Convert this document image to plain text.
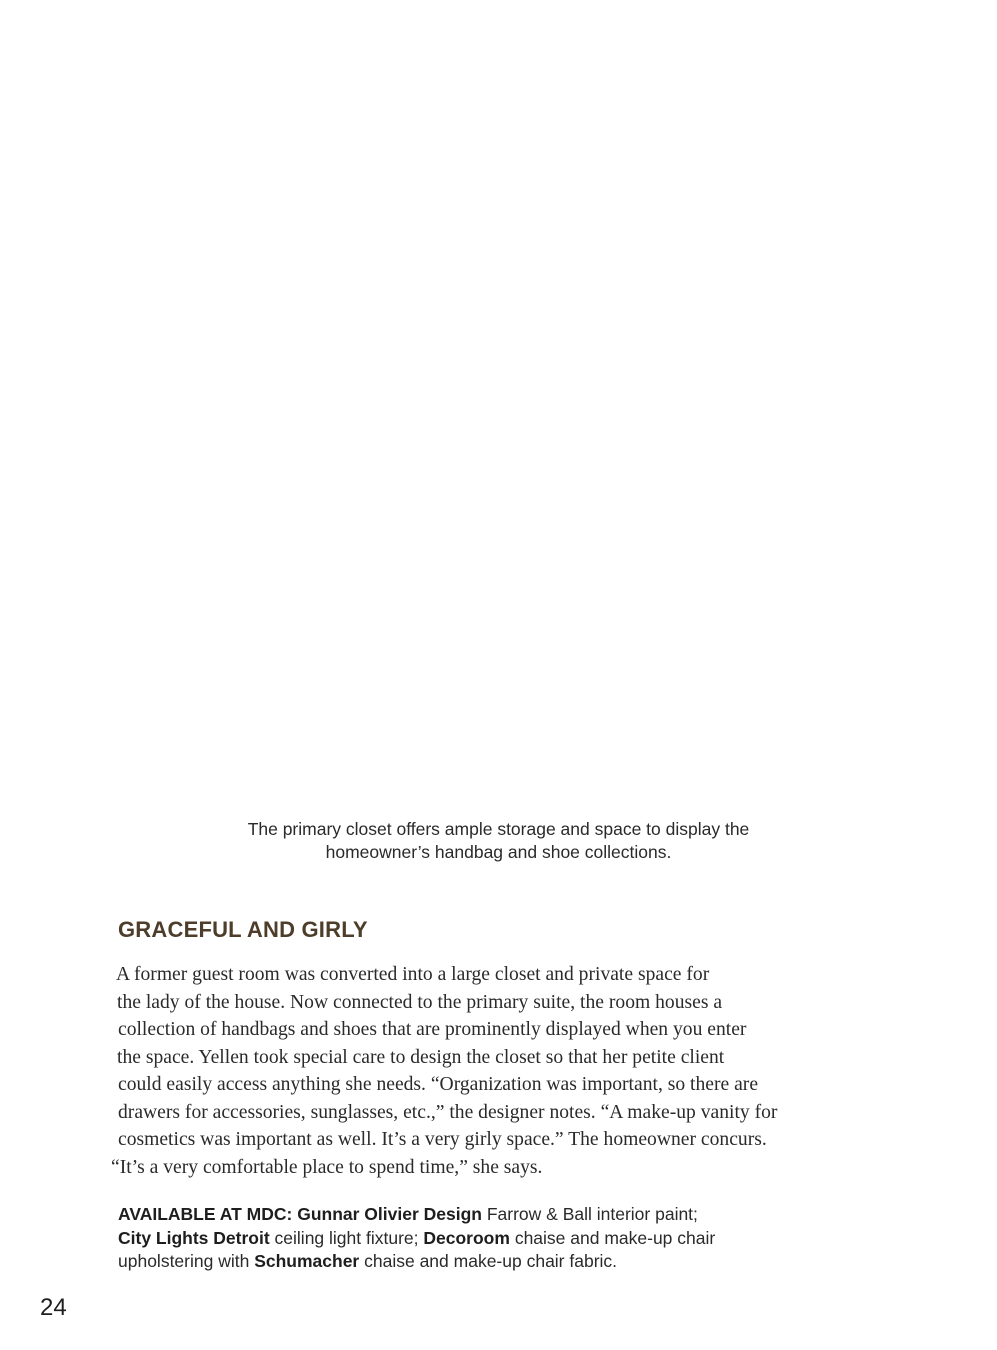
The primary closet offers ample storage and space to display the
homeowner’s handbag and shoe collections.
GRACEFUL AND GIRLY
A former guest room was converted into a large closet and private space for
the lady of the house. Now connected to the primary suite, the room houses a
collection of handbags and shoes that are prominently displayed when you enter
the space. Yellen took special care to design the closet so that her petite client
could easily access anything she needs. “Organization was important, so there are
drawers for accessories, sunglasses, etc.,” the designer notes. “A make-up vanity for
cosmetics was important as well. It’s a very girly space.” The homeowner concurs.
“It’s a very comfortable place to spend time,” she says.
AVAILABLE AT MDC: Gunnar Olivier Design Farrow & Ball interior paint;
City Lights Detroit ceiling light fixture; Decoroom chaise and make-up chair
upholstering with Schumacher chaise and make-up chair fabric.
24
